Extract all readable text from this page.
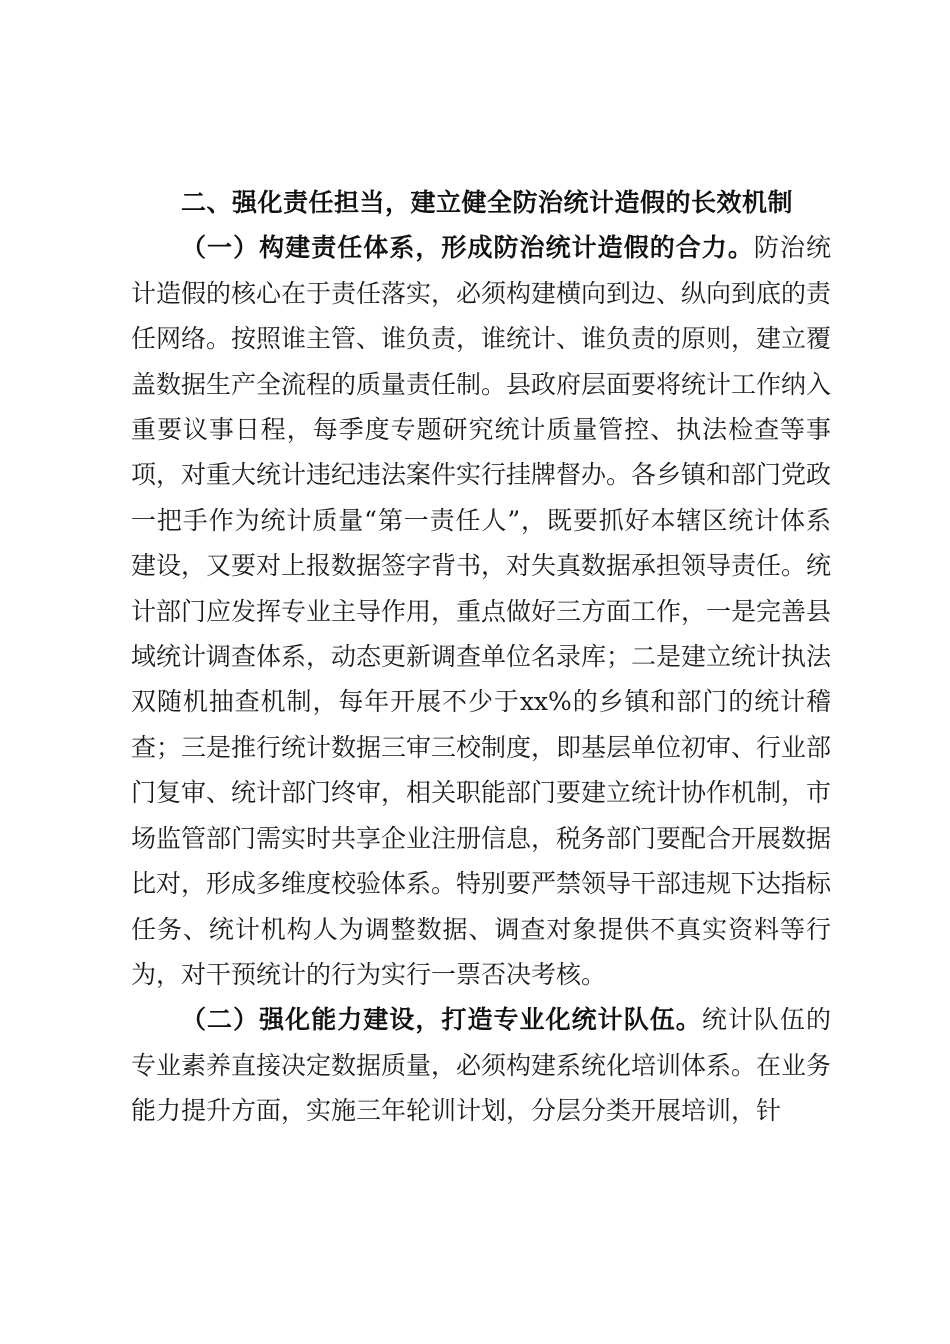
二、强化责任担当，建立健全防治统计造假的长效机制

（一）构建责任体系，形成防治统计造假的合力。防治统计造假的核心在于责任落实，必须构建横向到边、纵向到底的责任网络。按照谁主管、谁负责，谁统计、谁负责的原则，建立覆盖数据生产全流程的质量责任制。县政府层面要将统计工作纳入重要议事日程，每季度专题研究统计质量管控、执法检查等事项，对重大统计违纪违法案件实行挂牌督办。各乡镇和部门党政一把手作为统计质量“第一责任人”，既要抓好本辖区统计体系建设，又要对上报数据签字背书，对失真数据承担领导责任。统计部门应发挥专业主导作用，重点做好三方面工作，一是完善县域统计调查体系，动态更新调查单位名录库；二是建立统计执法双随机抽查机制，每年开展不少于xx%的乡镇和部门的统计稽查；三是推行统计数据三审三校制度，即基层单位初审、行业部门复审、统计部门终审，相关职能部门要建立统计协作机制，市场监管部门需实时共享企业注册信息，税务部门要配合开展数据比对，形成多维度校验体系。特别要严禁领导干部违规下达指标任务、统计机构人为调整数据、调查对象提供不真实资料等行为，对干预统计的行为实行一票否决考核。

（二）强化能力建设，打造专业化统计队伍。统计队伍的专业素养直接决定数据质量，必须构建系统化培训体系。在业务能力提升方面，实施三年轮训计划，分层分类开展培训，针
